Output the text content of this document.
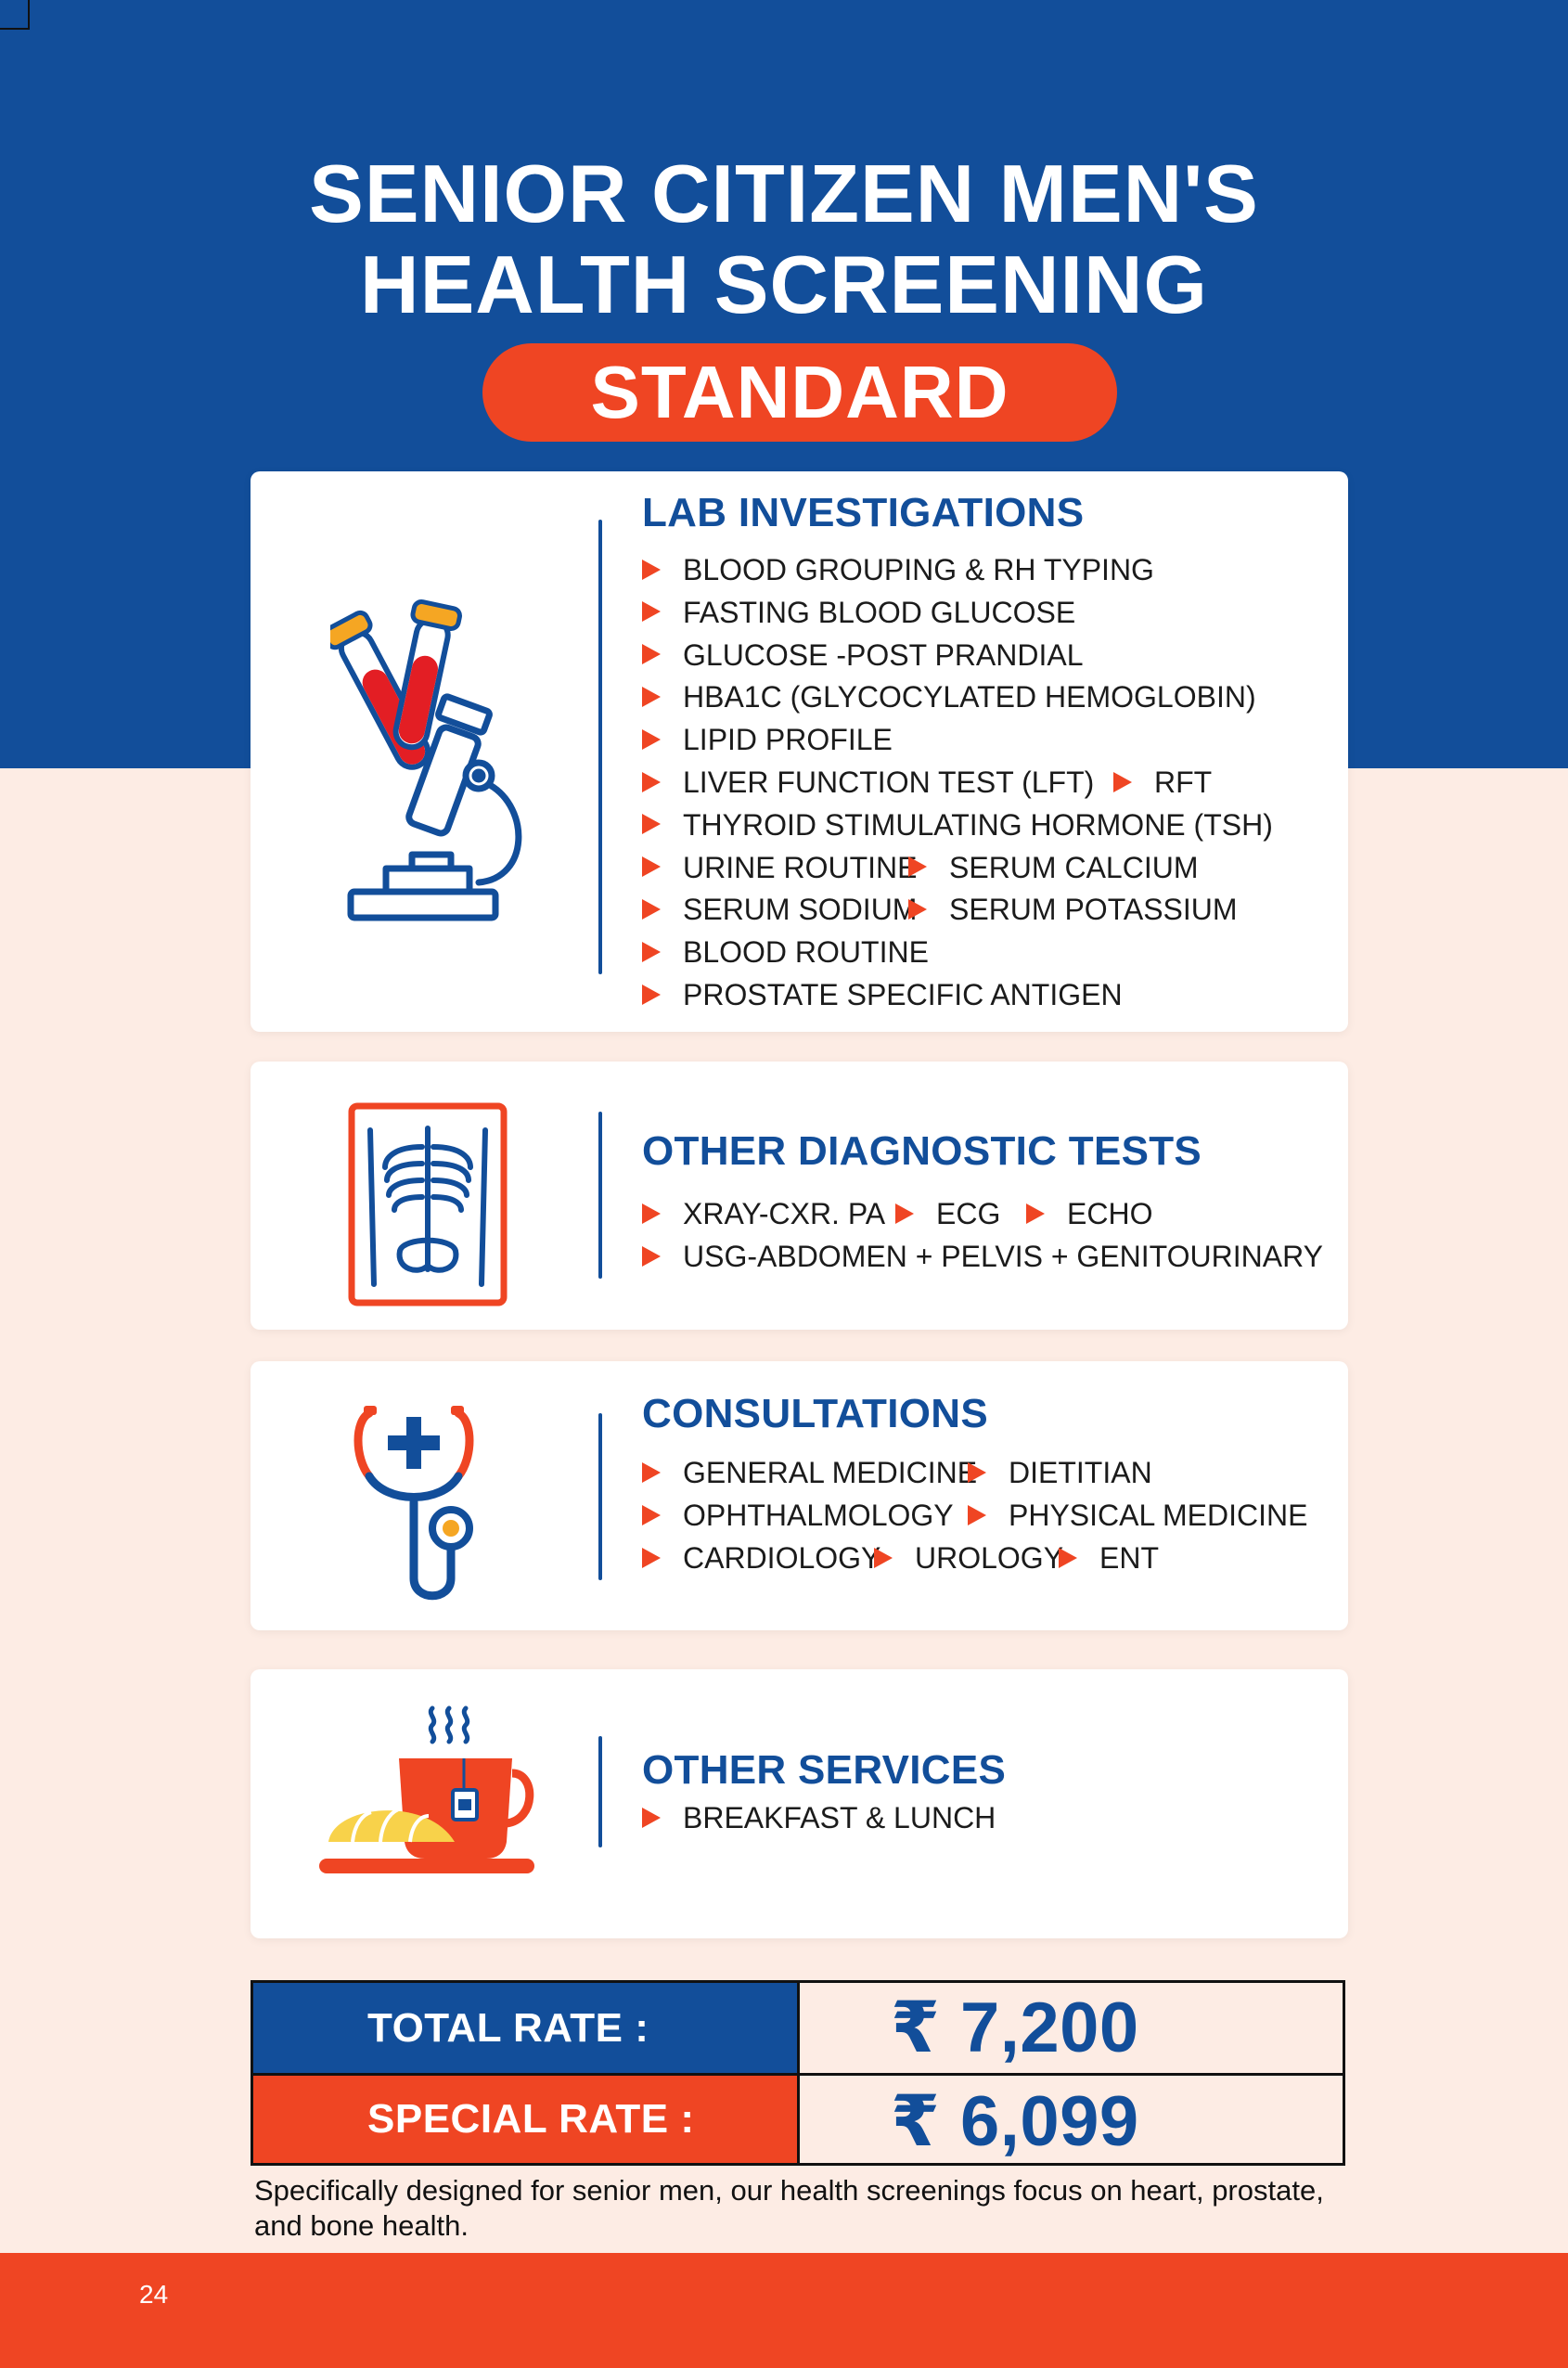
SENIOR CITIZEN MEN'S
HEALTH SCREENING
STANDARD
LAB INVESTIGATIONS
BLOOD GROUPING & RH TYPING
FASTING BLOOD GLUCOSE
GLUCOSE -POST PRANDIAL
HBA1C (GLYCOCYLATED HEMOGLOBIN)
LIPID PROFILE
LIVER FUNCTION TEST (LFT)	RFT
THYROID STIMULATING HORMONE (TSH)
URINE ROUTINE	SERUM CALCIUM
SERUM SODIUM	SERUM POTASSIUM
BLOOD ROUTINE
PROSTATE SPECIFIC ANTIGEN
OTHER DIAGNOSTIC TESTS
XRAY-CXR. PA	ECG	ECHO
USG-ABDOMEN + PELVIS + GENITOURINARY
CONSULTATIONS
GENERAL MEDICINE	DIETITIAN
OPHTHALMOLOGY	PHYSICAL MEDICINE
CARDIOLOGY	UROLOGY	ENT
OTHER SERVICES
BREAKFAST & LUNCH
TOTAL RATE :	₹ 7,200
SPECIAL RATE :	₹ 6,099

Specifically designed for senior men, our health screenings focus on heart, prostate, and bone health.

24
